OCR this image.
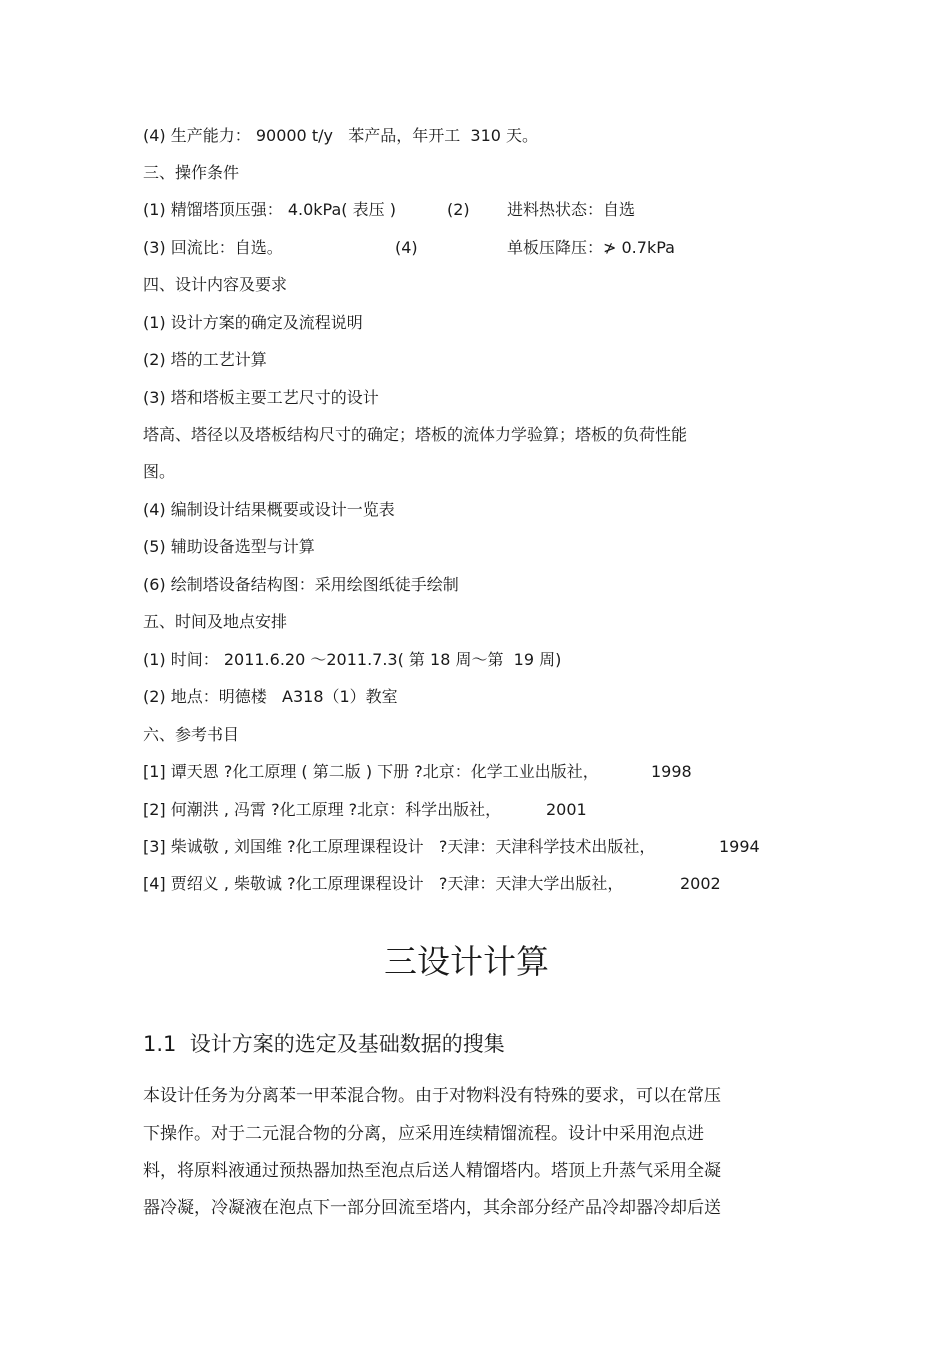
(4) 生产能力： 90000 t/y   苯产品，年开工  310 天。
三、操作条件
(1) 精馏塔顶压强： 4.0kPa( 表压 )	(2) 进料热状态：自选
(3) 回流比：自选。	(4)	单板压降压：≯ 0.7kPa
四、设计内容及要求
(1) 设计方案的确定及流程说明
(2) 塔的工艺计算
(3) 塔和塔板主要工艺尺寸的设计
塔高、塔径以及塔板结构尺寸的确定；塔板的流体力学验算；塔板的负荷性能
图。
(4) 编制设计结果概要或设计一览表
(5) 辅助设备选型与计算
(6) 绘制塔设备结构图：采用绘图纸徒手绘制
五、时间及地点安排
(1) 时间： 2011.6.20 ～2011.7.3( 第 18 周～第  19 周)
(2) 地点：明德楼   A318（1）教室
六、参考书目
[1] 谭天恩 ?化工原理 ( 第二版 ) 下册 ?北京：化学工业出版社，	1998
[2] 何潮洪 , 冯霄 ?化工原理 ?北京：科学出版社，	2001
[3] 柴诚敬 , 刘国维 ?化工原理课程设计   ?天津：天津科学技术出版社，	1994
[4] 贾绍义 , 柴敬诚 ?化工原理课程设计   ?天津：天津大学出版社，	2002
三设计计算
1.1  设计方案的选定及基础数据的搜集
本设计任务为分离苯一甲苯混合物。由于对物料没有特殊的要求，可以在常压
下操作。对于二元混合物的分离，应采用连续精馏流程。设计中采用泡点进
料，将原料液通过预热器加热至泡点后送人精馏塔内。塔顶上升蒸气采用全凝
器冷凝，冷凝液在泡点下一部分回流至塔内，其余部分经产品冷却器冷却后送
